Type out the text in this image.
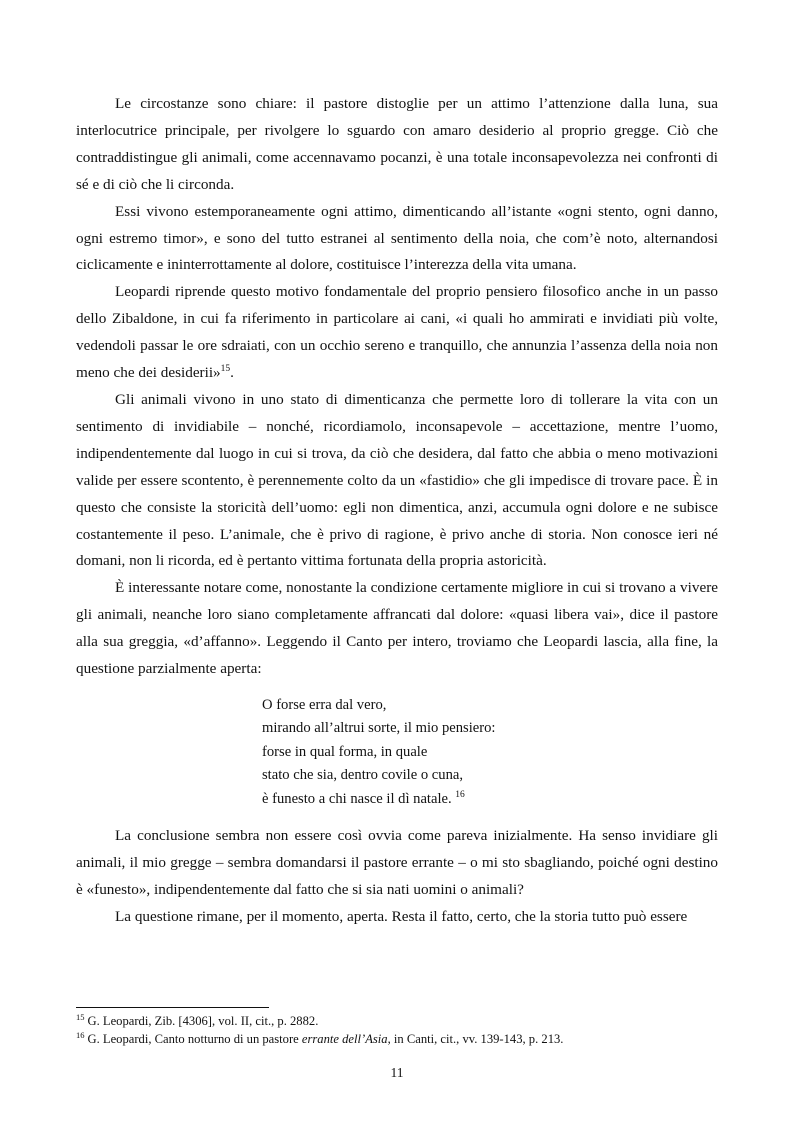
Le circostanze sono chiare: il pastore distoglie per un attimo l’attenzione dalla luna, sua interlocutrice principale, per rivolgere lo sguardo con amaro desiderio al proprio gregge. Ciò che contraddistingue gli animali, come accennavamo pocanzi, è una totale inconsapevolezza nei confronti di sé e di ciò che li circonda.

Essi vivono estemporaneamente ogni attimo, dimenticando all’istante «ogni stento, ogni danno, ogni estremo timor», e sono del tutto estranei al sentimento della noia, che com’è noto, alternandosi ciclicamente e ininterrottamente al dolore, costituisce l’interezza della vita umana.

Leopardi riprende questo motivo fondamentale del proprio pensiero filosofico anche in un passo dello Zibaldone, in cui fa riferimento in particolare ai cani, «i quali ho ammirati e invidiati più volte, vedendoli passar le ore sdraiati, con un occhio sereno e tranquillo, che annunzia l’assenza della noia non meno che dei desiderii»$^{15}$.

Gli animali vivono in uno stato di dimenticanza che permette loro di tollerare la vita con un sentimento di invidiabile – nonché, ricordiamolo, inconsapevole – accettazione, mentre l’uomo, indipendentemente dal luogo in cui si trova, da ciò che desidera, dal fatto che abbia o meno motivazioni valide per essere scontento, è perennemente colto da un «fastidio» che gli impedisce di trovare pace. È in questo che consiste la storicità dell’uomo: egli non dimentica, anzi, accumula ogni dolore e ne subisce costantemente il peso. L’animale, che è privo di ragione, è privo anche di storia. Non conosce ieri né domani, non li ricorda, ed è pertanto vittima fortunata della propria astoricità.

È interessante notare come, nonostante la condizione certamente migliore in cui si trovano a vivere gli animali, neanche loro siano completamente affrancati dal dolore: «quasi libera vai», dice il pastore alla sua greggia, «d’affanno». Leggendo il Canto per intero, troviamo che Leopardi lascia, alla fine, la questione parzialmente aperta:

O forse erra dal vero,
mirando all’altrui sorte, il mio pensiero:
forse in qual forma, in quale
stato che sia, dentro covile o cuna,
è funesto a chi nasce il dì natale. $^{16}$

La conclusione sembra non essere così ovvia come pareva inizialmente. Ha senso invidiare gli animali, il mio gregge – sembra domandarsi il pastore errante – o mi sto sbagliando, poiché ogni destino è «funesto», indipendentemente dal fatto che si sia nati uomini o animali?

La questione rimane, per il momento, aperta. Resta il fatto, certo, che la storia tutto può essere

$^{15}$ G. Leopardi, Zib. [4306], vol. II, cit., p. 2882.
$^{16}$ G. Leopardi, Canto notturno di un pastore errante dell’Asia, in Canti, cit., vv. 139-143, p. 213.
11
